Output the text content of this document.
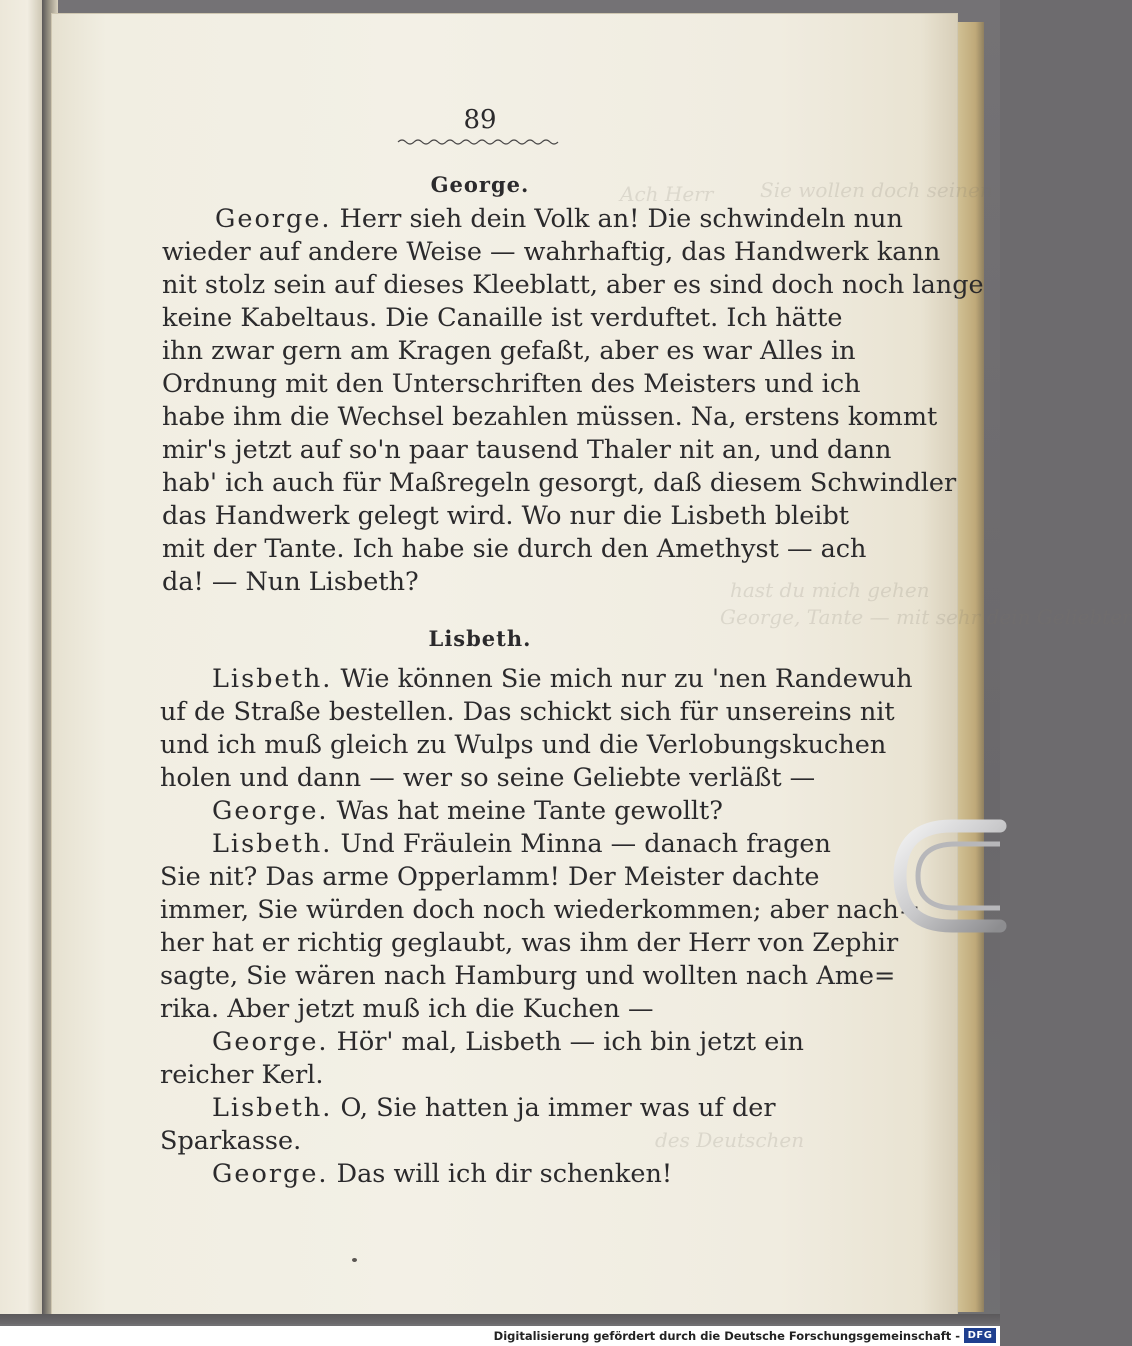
Sie wollen doch seinen
Ach Herr
hast du mich gehen
George, Tante — mit sehr dein Geliebter
des Deutschen
89
George.
George. Herr sieh dein Volk an! Die schwindeln nun
wieder auf andere Weise — wahrhaftig, das Handwerk kann
nit stolz sein auf dieses Kleeblatt, aber es sind doch noch lange
keine Kabeltaus. Die Canaille ist verduftet. Ich hätte
ihn zwar gern am Kragen gefaßt, aber es war Alles in
Ordnung mit den Unterschriften des Meisters und ich
habe ihm die Wechsel bezahlen müssen. Na, erstens kommt
mir's jetzt auf so'n paar tausend Thaler nit an, und dann
hab' ich auch für Maßregeln gesorgt, daß diesem Schwindler
das Handwerk gelegt wird. Wo nur die Lisbeth bleibt
mit der Tante. Ich habe sie durch den Amethyst — ach
da! — Nun Lisbeth?
Lisbeth.
Lisbeth. Wie können Sie mich nur zu 'nen Randewuh
uf de Straße bestellen. Das schickt sich für unsereins nit
und ich muß gleich zu Wulps und die Verlobungskuchen
holen und dann — wer so seine Geliebte verläßt —
George. Was hat meine Tante gewollt?
Lisbeth. Und Fräulein Minna — danach fragen
Sie nit? Das arme Opperlamm! Der Meister dachte
immer, Sie würden doch noch wiederkommen; aber nach=
her hat er richtig geglaubt, was ihm der Herr von Zephir
sagte, Sie wären nach Hamburg und wollten nach Ame=
rika. Aber jetzt muß ich die Kuchen —
George. Hör' mal, Lisbeth — ich bin jetzt ein
reicher Kerl.
Lisbeth. O, Sie hatten ja immer was uf der
Sparkasse.
George. Das will ich dir schenken!
Digitalisierung gefördert durch die Deutsche Forschungsgemeinschaft - DFG
